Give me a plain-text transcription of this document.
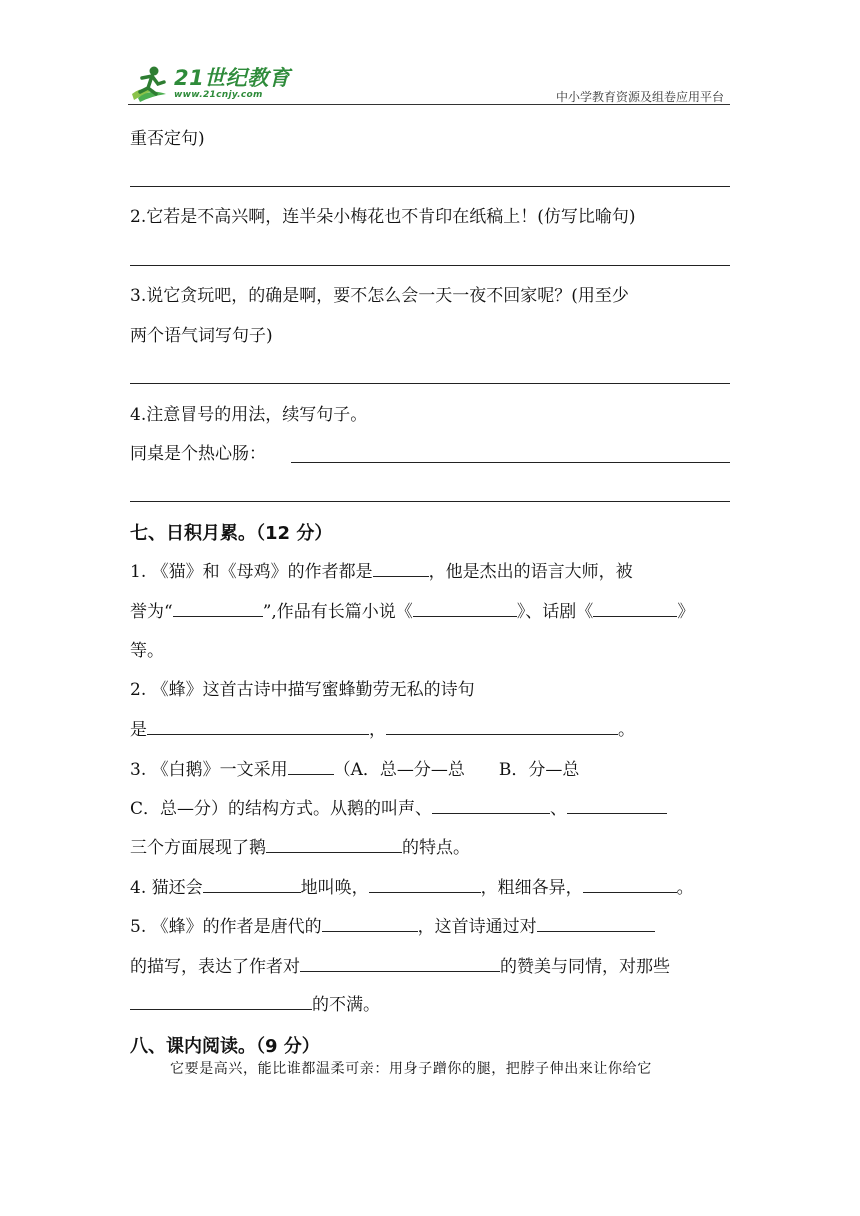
21世纪教育
www.21cnjy.com	中小学教育资源及组卷应用平台
重否定句)
2.它若是不高兴啊，连半朵小梅花也不肯印在纸稿上！(仿写比喻句)
3.说它贪玩吧，的确是啊，要不怎么会一天一夜不回家呢？(用至少
两个语气词写句子)
4.注意冒号的用法，续写句子。
同桌是个热心肠：
七、日积月累。（12 分）
1. 《猫》和《母鸡》的作者都是	，他是杰出的语言大师，被
誉为“	”,作品有长篇小说《	》、话剧《	》
等。
2. 《蜂》这首古诗中描写蜜蜂勤劳无私的诗句
是	，	。
3. 《白鹅》一文采用	（A．总—分—总 B．分—总
C．总—分）的结构方式。从鹅的叫声、	、
三个方面展现了鹅	的特点。
4. 猫还会	地叫唤，	，粗细各异，	。
5. 《蜂》的作者是唐代的	，这首诗通过对
的描写，表达了作者对	的赞美与同情，对那些
的不满。
八、课内阅读。（9 分）
它要是高兴，能比谁都温柔可亲：用身子蹭你的腿，把脖子伸出来让你给它
